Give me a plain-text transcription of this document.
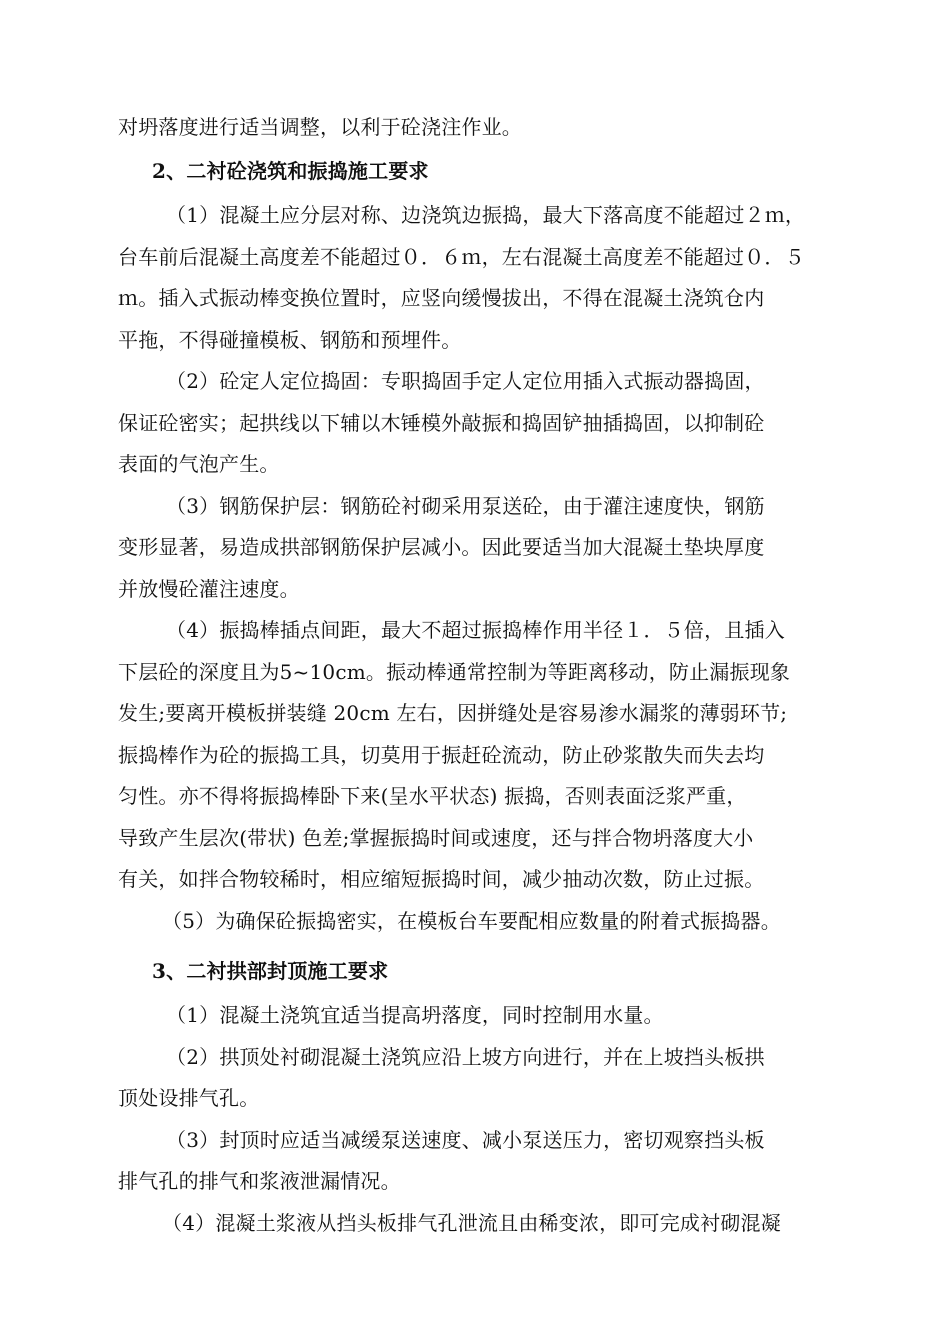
对坍落度进行适当调整，以利于砼浇注作业。
2、二衬砼浇筑和振捣施工要求
（1）混凝土应分层对称、边浇筑边振捣，最大下落高度不能超过２ｍ，
台车前后混凝土高度差不能超过０．６ｍ，左右混凝土高度差不能超过０．５
ｍ。插入式振动棒变换位置时，应竖向缓慢拔出，不得在混凝土浇筑仓内
平拖，不得碰撞模板、钢筋和预埋件。
（2）砼定人定位捣固：专职捣固手定人定位用插入式振动器捣固，
保证砼密实；起拱线以下辅以木锤模外敲振和捣固铲抽插捣固，以抑制砼
表面的气泡产生。
（3）钢筋保护层：钢筋砼衬砌采用泵送砼，由于灌注速度快，钢筋
变形显著，易造成拱部钢筋保护层减小。因此要适当加大混凝土垫块厚度
并放慢砼灌注速度。
（4）振捣棒插点间距，最大不超过振捣棒作用半径１．５倍，且插入
下层砼的深度且为5~10cm。振动棒通常控制为等距离移动，防止漏振现象
发生;要离开模板拼装缝 20cm 左右，因拼缝处是容易渗水漏浆的薄弱环节;
振捣棒作为砼的振捣工具，切莫用于振赶砼流动，防止砂浆散失而失去均
匀性。亦不得将振捣棒卧下来(呈水平状态) 振捣，否则表面泛浆严重，
导致产生层次(带状) 色差;掌握振捣时间或速度，还与拌合物坍落度大小
有关，如拌合物较稀时，相应缩短振捣时间，减少抽动次数，防止过振。
（5）为确保砼振捣密实，在模板台车要配相应数量的附着式振捣器。
3、二衬拱部封顶施工要求
（1）混凝土浇筑宜适当提高坍落度，同时控制用水量。
（2）拱顶处衬砌混凝土浇筑应沿上坡方向进行，并在上坡挡头板拱
顶处设排气孔。
（3）封顶时应适当减缓泵送速度、减小泵送压力，密切观察挡头板
排气孔的排气和浆液泄漏情况。
（4）混凝土浆液从挡头板排气孔泄流且由稀变浓，即可完成衬砌混凝
